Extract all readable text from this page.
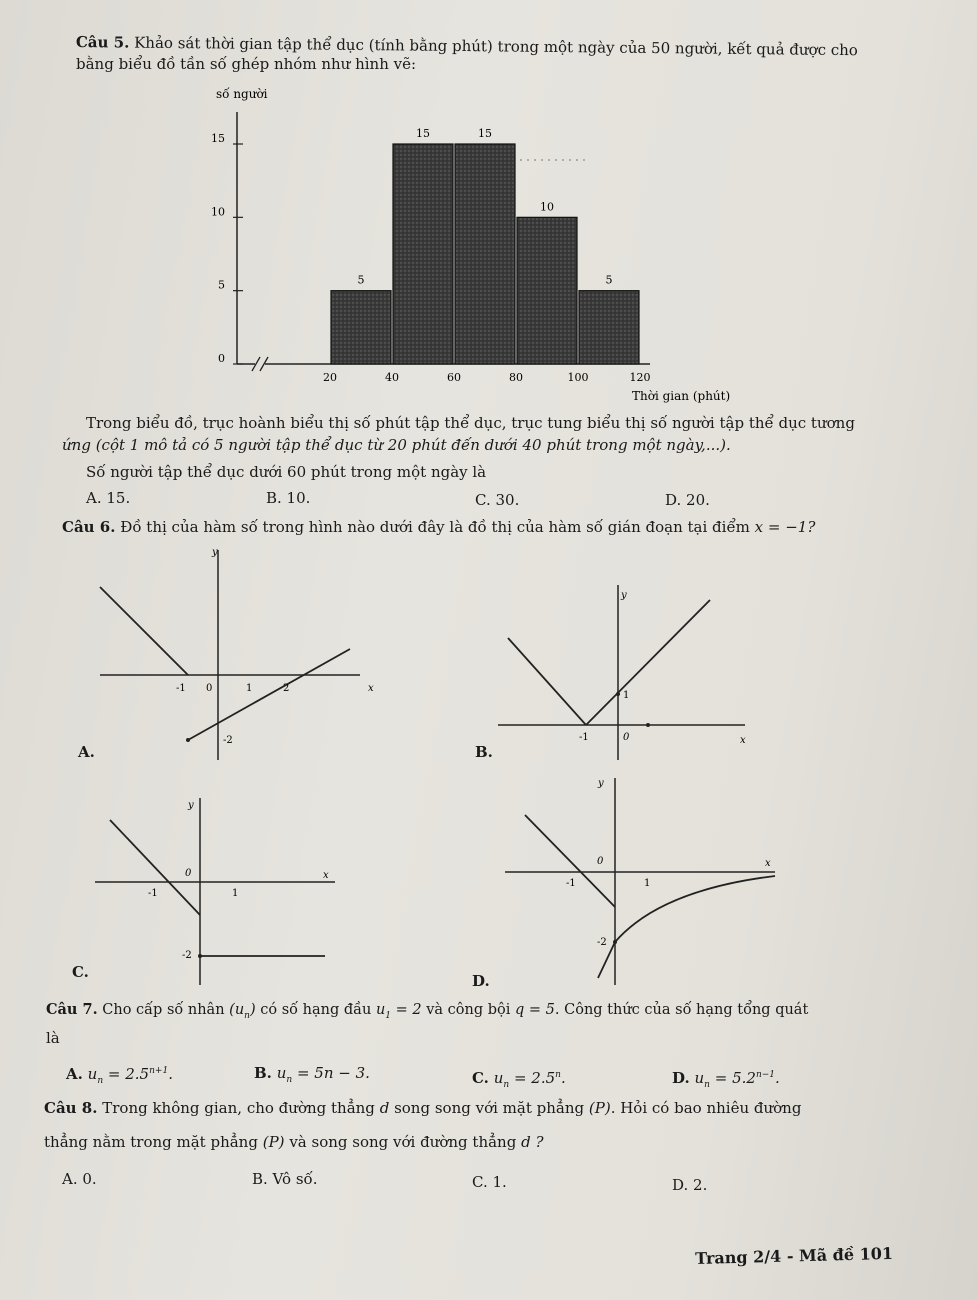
Câu 5. Khảo sát thời gian tập thể dục (tính bằng phút) trong một ngày của 50 người, kết quả được cho
bằng biểu đồ tần số ghép nhóm như hình vẽ:
số người
0
5
10
15
20	40	60	80	100	120
5
15	15
10
5
Thời gian (phút)
Trong biểu đồ, trục hoành biểu thị số phút tập thể dục, trục tung biểu thị số người tập thể dục tương
ứng (cột 1 mô tả có 5 người tập thể dục từ 20 phút đến dưới 40 phút trong một ngày,...).
Số người tập thể dục dưới 60 phút trong một ngày là
A. 15.	B. 10.	C. 30.	D. 20.
Câu 6. Đồ thị của hàm số trong hình nào dưới đây là đồ thị của hàm số gián đoạn tại điểm x = −1?
y
x
-1 0	1	2
-2
A.
y
x
1
-1	0
B.
y
x
0
-1	1
-2
C.
y
x
0
-1	1
-2
D.
Câu 7. Cho cấp số nhân $(u_n)$ có số hạng đầu $u_1 = 2$ và công bội q = 5. Công thức của số hạng tổng quát
là
A. $u_n = 2.5^{n+1}$.	B. $u_n = 5n - 3$.	C. $u_n = 2.5^n$.	D. $u_n = 5.2^{n-1}$.
Câu 8. Trong không gian, cho đường thẳng d song song với mặt phẳng (P). Hỏi có bao nhiêu đường
thẳng nằm trong mặt phẳng (P) và song song với đường thẳng d ?
A. 0.	B. Vô số.	C. 1.	D. 2.
Trang 2/4 - Mã đề 101
